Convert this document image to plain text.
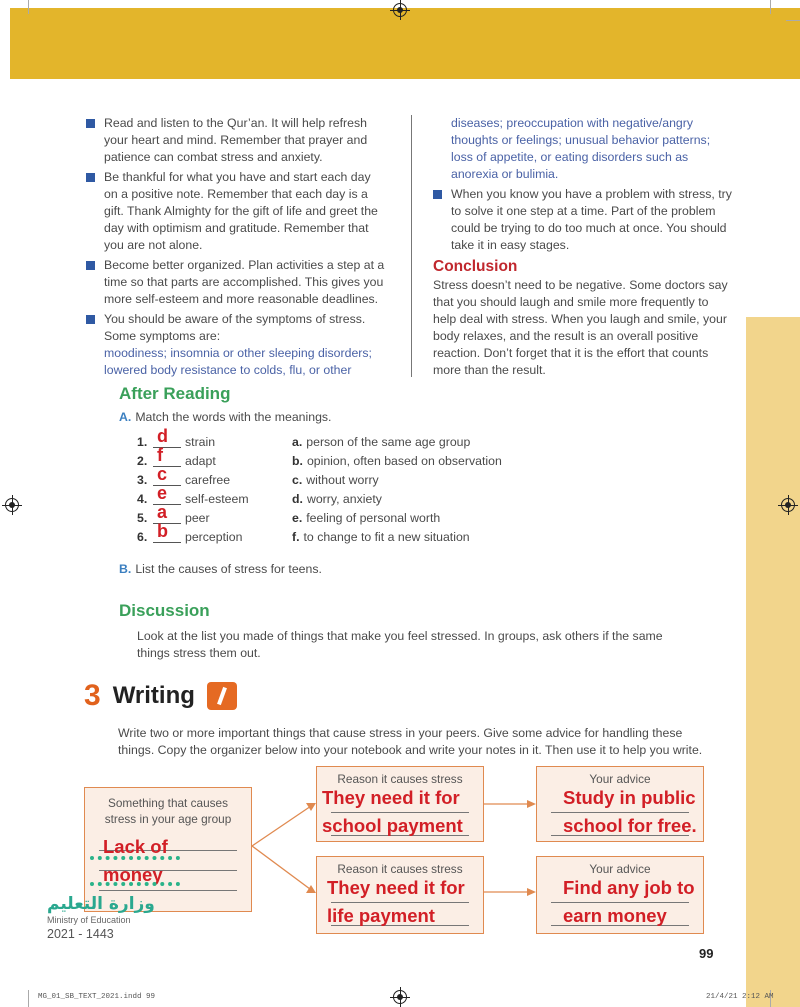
Read and listen to the Qur’an. It will help refresh your heart and mind. Remember that prayer and patience can combat stress and anxiety.
Be thankful for what you have and start each day on a positive note. Remember that each day is a gift. Thank Almighty for the gift of life and greet the day with optimism and gratitude. Remember that you are not alone.
Become better organized. Plan activities a step at a time so that parts are accomplished. This gives you more self-esteem and more reasonable deadlines.
You should be aware of the symptoms of stress. Some symptoms are:
moodiness; insomnia or other sleeping disorders; lowered body resistance to colds, flu, or other
diseases; preoccupation with negative/angry thoughts or feelings; unusual behavior patterns; loss of appetite, or eating disorders such as anorexia or bulimia.
When you know you have a problem with stress, try to solve it one step at a time. Part of the problem could be trying to do too much at once. You should take it in easy stages.
Conclusion
Stress doesn’t need to be negative. Some doctors say that you should laugh and smile more frequently to help deal with stress. When you laugh and smile, your body relaxes, and the result is an overall positive reaction. Don’t forget that it is the effort that counts more than the result.
After Reading
A. Match the words with the meanings.
1. d strain	a. person of the same age group
2. f adapt	b. opinion, often based on observation
3. c carefree	c. without worry
4. e self-esteem	d. worry, anxiety
5. a peer	e. feeling of personal worth
6. b perception	f. to change to fit a new situation
B. List the causes of stress for teens.
Discussion
Look at the list you made of things that make you feel stressed. In groups, ask others if the same things stress them out.
3 Writing
Write two or more important things that cause stress in your peers. Give some advice for handling these things. Copy the organizer below into your notebook and write your notes in it. Then use it to help you write.
Something that causes stress in your age group
Lack of
money
Reason it causes stress
They need it for
school payment
Your advice
Study in public
school for free.
Reason it causes stress
They need it for
life payment
Your advice
Find any job to
earn money
وزارة التعليم
Ministry of Education
2021 - 1443
99
MG_01_SB_TEXT_2021.indd 99	21/4/21 2:12 AM
